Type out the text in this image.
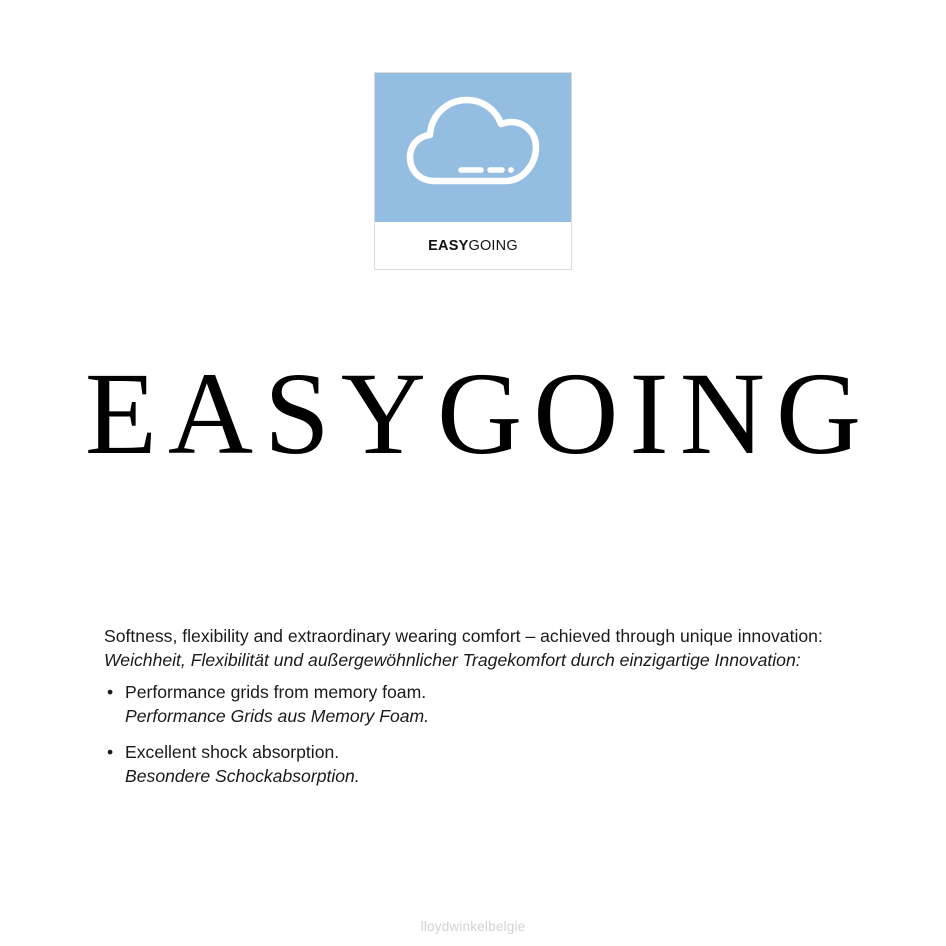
EASYGOING
EASYGOING

Softness, flexibility and extraordinary wearing comfort – achieved through unique innovation: Weichheit, Flexibilität und außergewöhnlicher Tragekomfort durch einzigartige Innovation:

• Performance grids from memory foam.
Performance Grids aus Memory Foam.
• Excellent shock absorption.
Besondere Schockabsorption.
lloydwinkelbelgie
